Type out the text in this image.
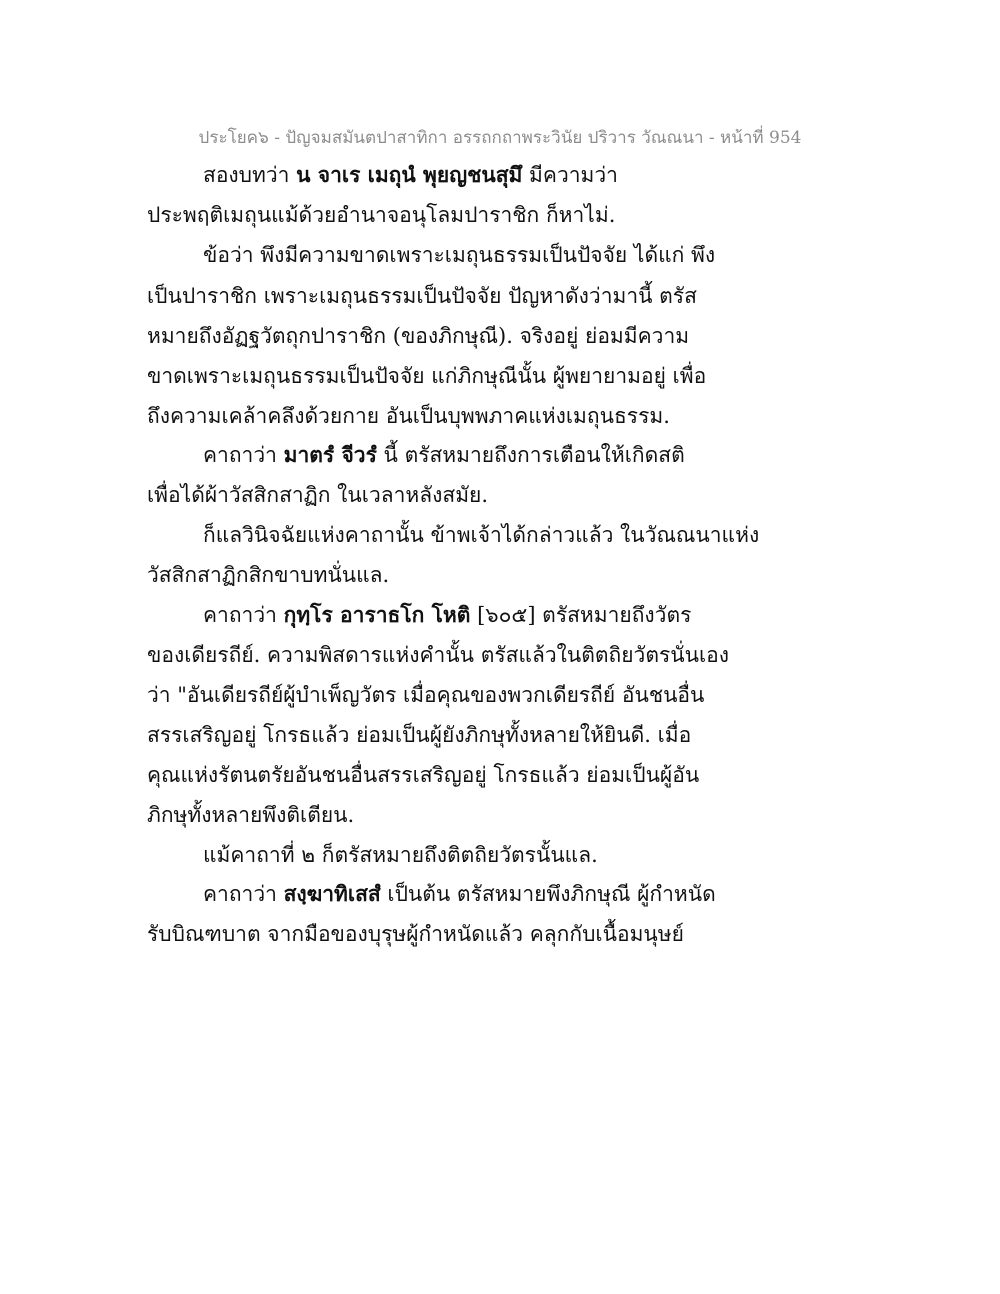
ประโยค๖ - ปัญจมสมันตปาสาทิกา อรรถกถาพระวินัย ปริวาร วัณณนา - หน้าที่ 954
สองบทว่า น จาเร เมถุนํ พุยญชนสุมึ มีความว่า
ประพฤติเมถุนแม้ด้วยอำนาจอนุโลมปาราชิก ก็หาไม่.
ข้อว่า พึงมีความขาดเพราะเมถุนธรรมเป็นปัจจัย ได้แก่ พึง
เป็นปาราชิก เพราะเมถุนธรรมเป็นปัจจัย ปัญหาดังว่ามานี้ ตรัส
หมายถึงอัฏฐวัตถุกปาราชิก (ของภิกษุณี). จริงอยู่ ย่อมมีความ
ขาดเพราะเมถุนธรรมเป็นปัจจัย แก่ภิกษุณีนั้น ผู้พยายามอยู่ เพื่อ
ถึงความเคล้าคลึงด้วยกาย อันเป็นบุพพภาคแห่งเมถุนธรรม.
คาถาว่า มาตรํ จีวรํ นี้ ตรัสหมายถึงการเตือนให้เกิดสติ
เพื่อได้ผ้าวัสสิกสาฏิก ในเวลาหลังสมัย.
ก็แลวินิจฉัยแห่งคาถานั้น ข้าพเจ้าได้กล่าวแล้ว ในวัณณนาแห่ง
วัสสิกสาฏิกสิกขาบทนั่นแล.
คาถาว่า กุทฺโร อาราธโก โหติ [๖๐๕] ตรัสหมายถึงวัตร
ของเดียรถีย์. ความพิสดารแห่งคำนั้น ตรัสแล้วในติตถิยวัตรนั่นเอง
ว่า "อันเดียรถีย์ผู้บำเพ็ญวัตร เมื่อคุณของพวกเดียรถีย์ อันชนอื่น
สรรเสริญอยู่ โกรธแล้ว ย่อมเป็นผู้ยังภิกษุทั้งหลายให้ยินดี. เมื่อ
คุณแห่งรัตนตรัยอันชนอื่นสรรเสริญอยู่ โกรธแล้ว ย่อมเป็นผู้อัน
ภิกษุทั้งหลายพึงติเตียน.
แม้คาถาที่ ๒ ก็ตรัสหมายถึงติตถิยวัตรนั้นแล.
คาถาว่า สงฺฆาทิเสสํ เป็นต้น ตรัสหมายพึงภิกษุณี ผู้กำหนัด
รับบิณฑบาต จากมือของบุรุษผู้กำหนัดแล้ว คลุกกับเนื้อมนุษย์
